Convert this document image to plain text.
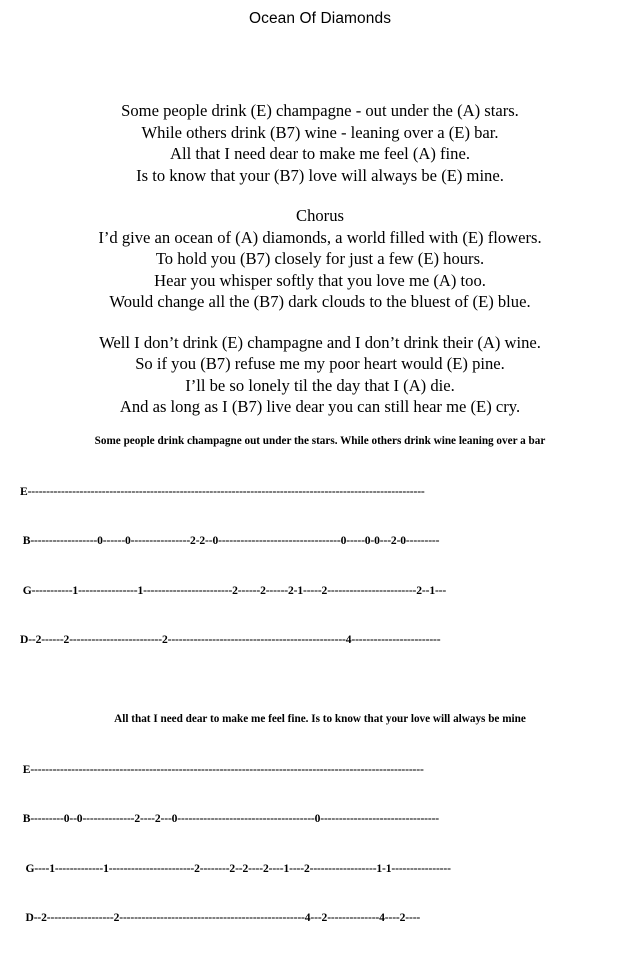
Ocean Of Diamonds
Some people drink (E) champagne - out under the (A) stars.
While others drink (B7) wine - leaning over a (E) bar.
All that I need dear to make me feel (A) fine.
Is to know that your (B7) love will always be (E) mine.
Chorus
I’d give an ocean of (A) diamonds, a world filled with (E) flowers.
To hold you (B7) closely for just a few (E) hours.
Hear you whisper softly that you love me (A) too.
Would change all the (B7) dark clouds to the bluest of (E) blue.
Well I don’t drink (E) champagne and I don’t drink their (A) wine.
So if you (B7) refuse me my poor heart would (E) pine.
I’ll be so lonely til the day that I (A) die.
And as long as I (B7) live dear you can still hear me (E) cry.
Some people drink champagne out under the stars. While others drink wine leaning over a bar

E-----------------------------------------------------------------------------------------------------------

B------------------0------0----------------2-2--0---------------------------------0-----0-0---2-0---------

G-----------1----------------1------------------------2------2------2-1-----2------------------------2--1---

D--2------2-------------------------2------------------------------------------------4------------------------

All that I need dear to make me feel fine. Is to know that your love will always be mine

E----------------------------------------------------------------------------------------------------------

B---------0--0--------------2----2---0-------------------------------------0--------------------------------

G----1-------------1-----------------------2--------2--2----2----1----2------------------1-1----------------

D--2------------------2--------------------------------------------------4---2--------------4----2----
